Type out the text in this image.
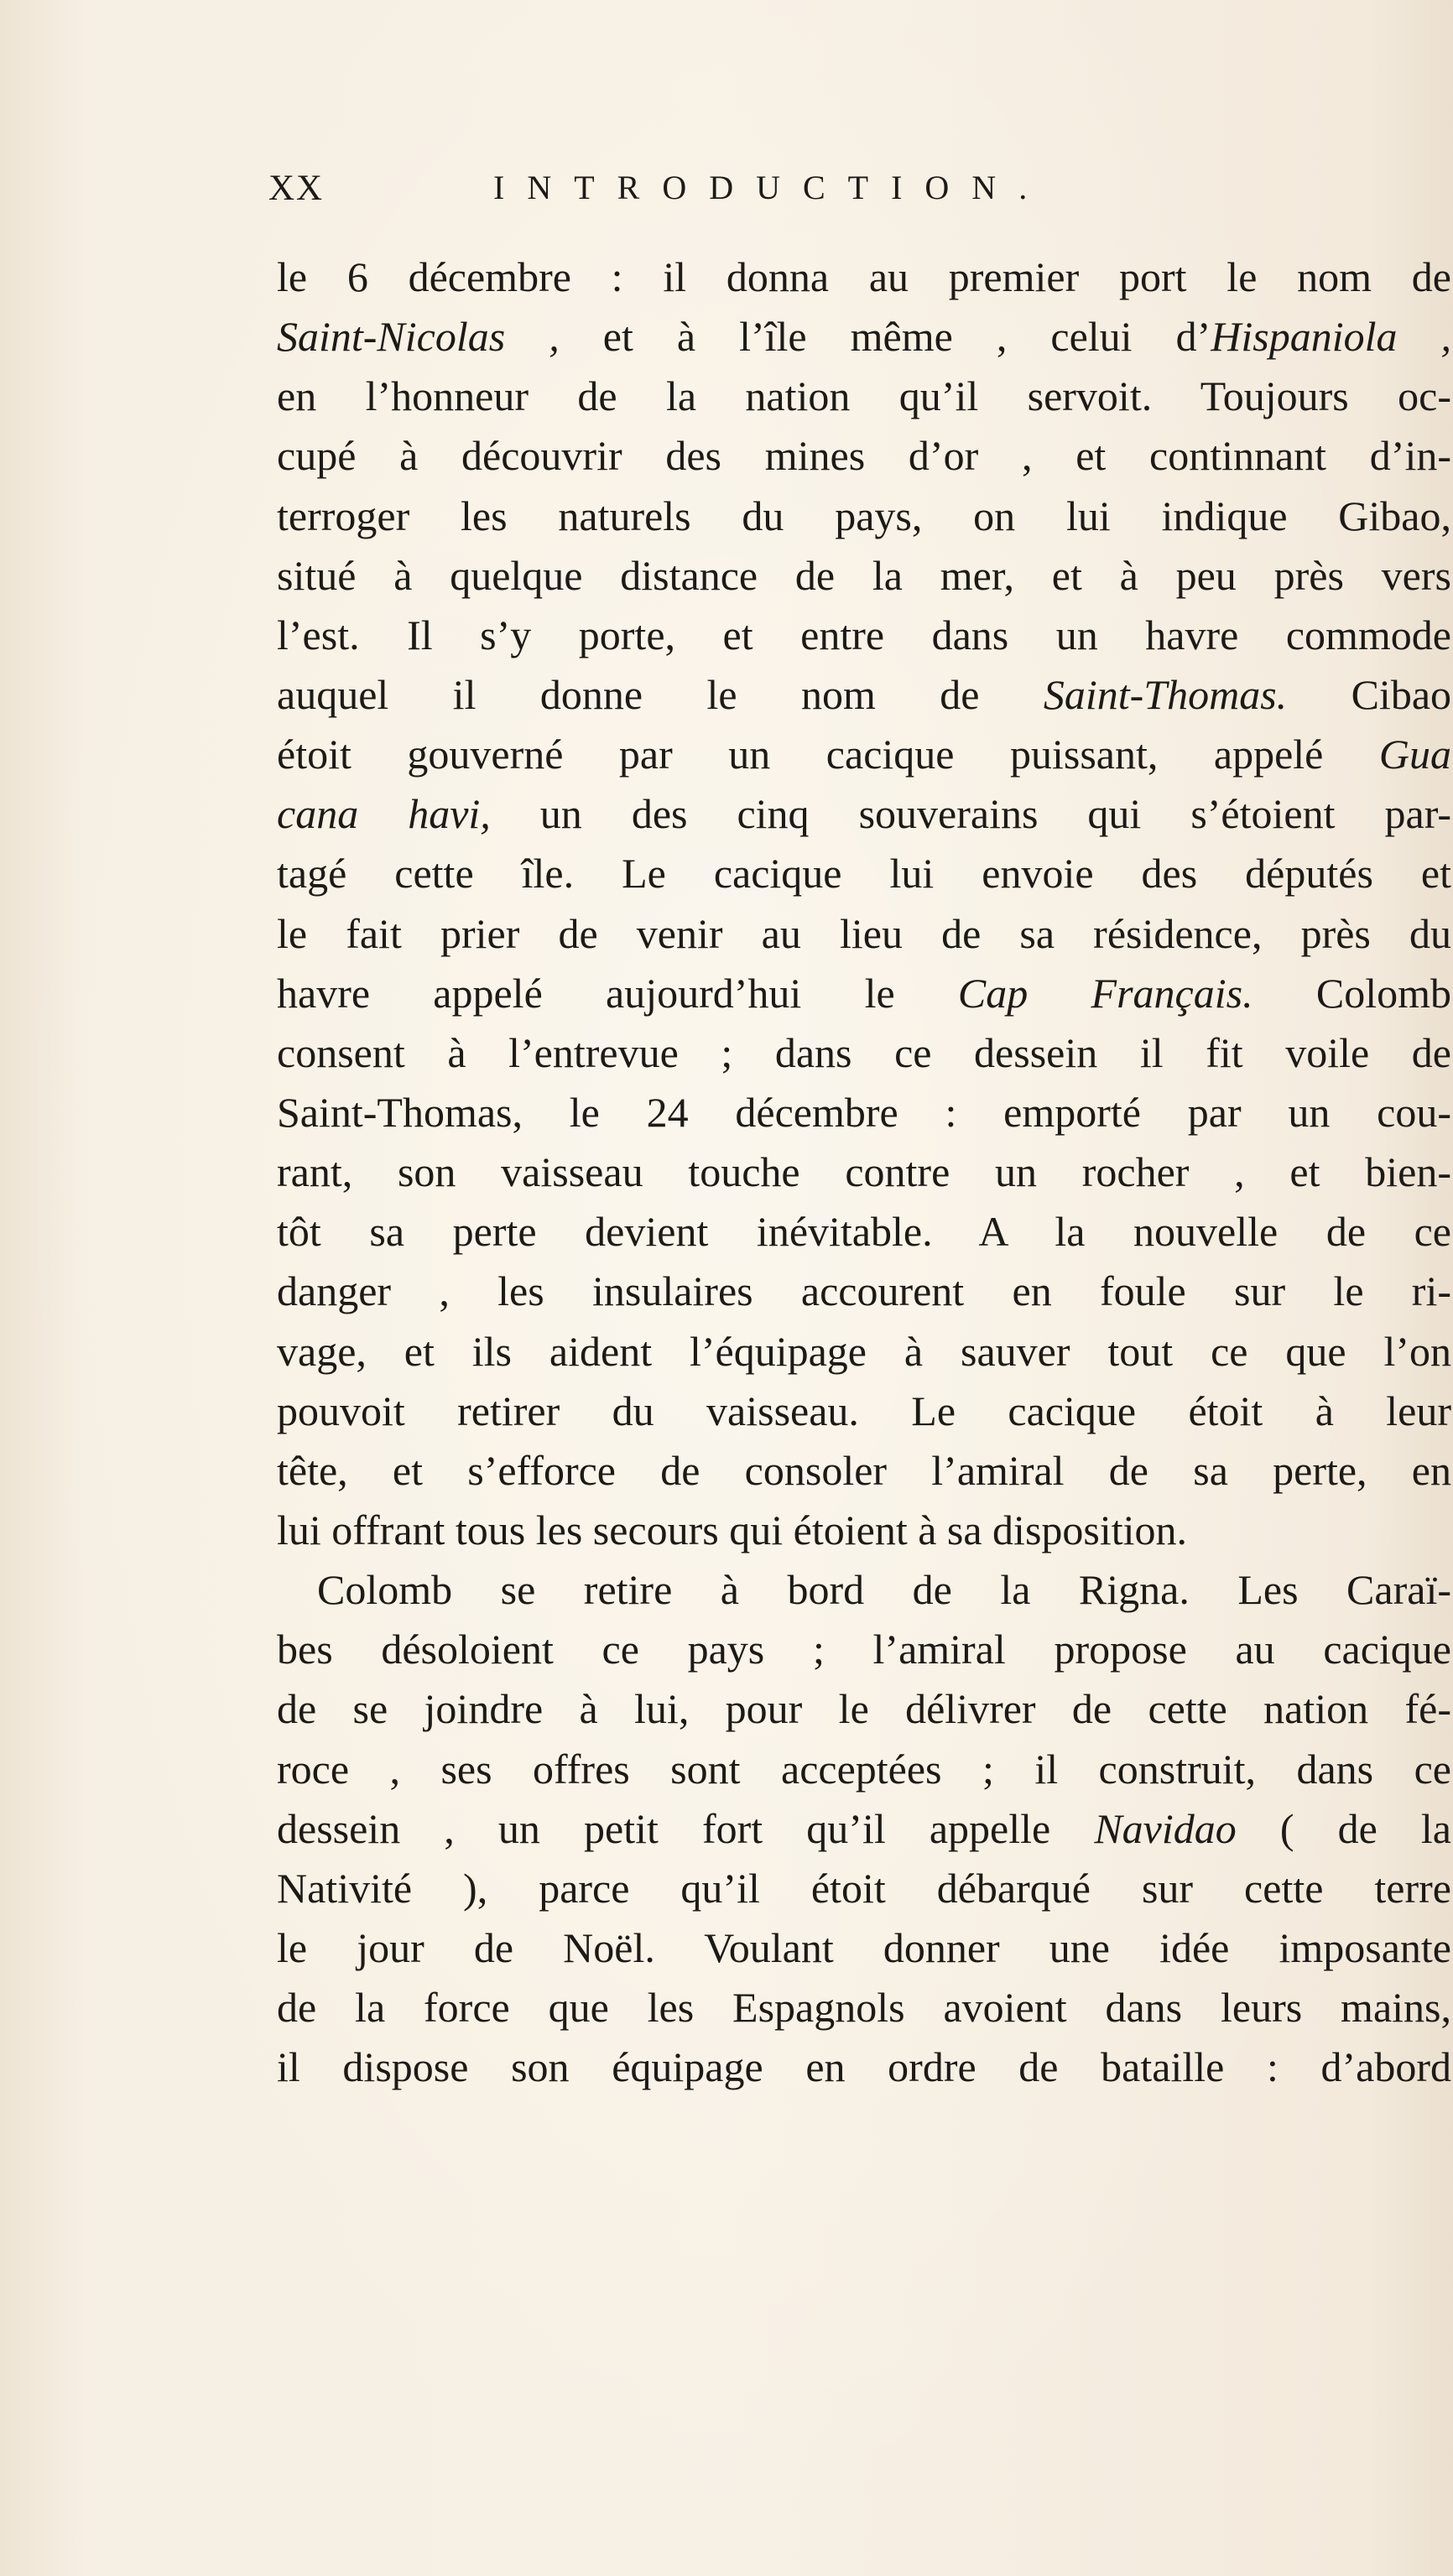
XX	INTRODUCTION.
le 6 décembre : il donna au premier port le nom de
Saint-Nicolas , et à l’île même , celui d’Hispaniola ,
en l’honneur de la nation qu’il servoit. Toujours oc-
cupé à découvrir des mines d’or , et continnant d’in-
terroger les naturels du pays, on lui indique Gibao,
situé à quelque distance de la mer, et à peu près vers
l’est. Il s’y porte, et entre dans un havre commode
auquel il donne le nom de Saint-Thomas. Cibao
étoit gouverné par un cacique puissant, appelé Gua
cana havi, un des cinq souverains qui s’étoient par-
tagé cette île. Le cacique lui envoie des députés et
le fait prier de venir au lieu de sa résidence, près du
havre appelé aujourd’hui le Cap Français. Colomb
consent à l’entrevue ; dans ce dessein il fit voile de
Saint-Thomas, le 24 décembre : emporté par un cou-
rant, son vaisseau touche contre un rocher , et bien-
tôt sa perte devient inévitable. A la nouvelle de ce
danger , les insulaires accourent en foule sur le ri-
vage, et ils aident l’équipage à sauver tout ce que l’on
pouvoit retirer du vaisseau. Le cacique étoit à leur
tête, et s’efforce de consoler l’amiral de sa perte, en
lui offrant tous les secours qui étoient à sa disposition.
Colomb se retire à bord de la Rigna. Les Caraï-
bes désoloient ce pays ; l’amiral propose au cacique
de se joindre à lui, pour le délivrer de cette nation fé-
roce , ses offres sont acceptées ; il construit, dans ce
dessein , un petit fort qu’il appelle Navidao ( de la
Nativité ), parce qu’il étoit débarqué sur cette terre
le jour de Noël. Voulant donner une idée imposante
de la force que les Espagnols avoient dans leurs mains,
il dispose son équipage en ordre de bataille : d’abord
